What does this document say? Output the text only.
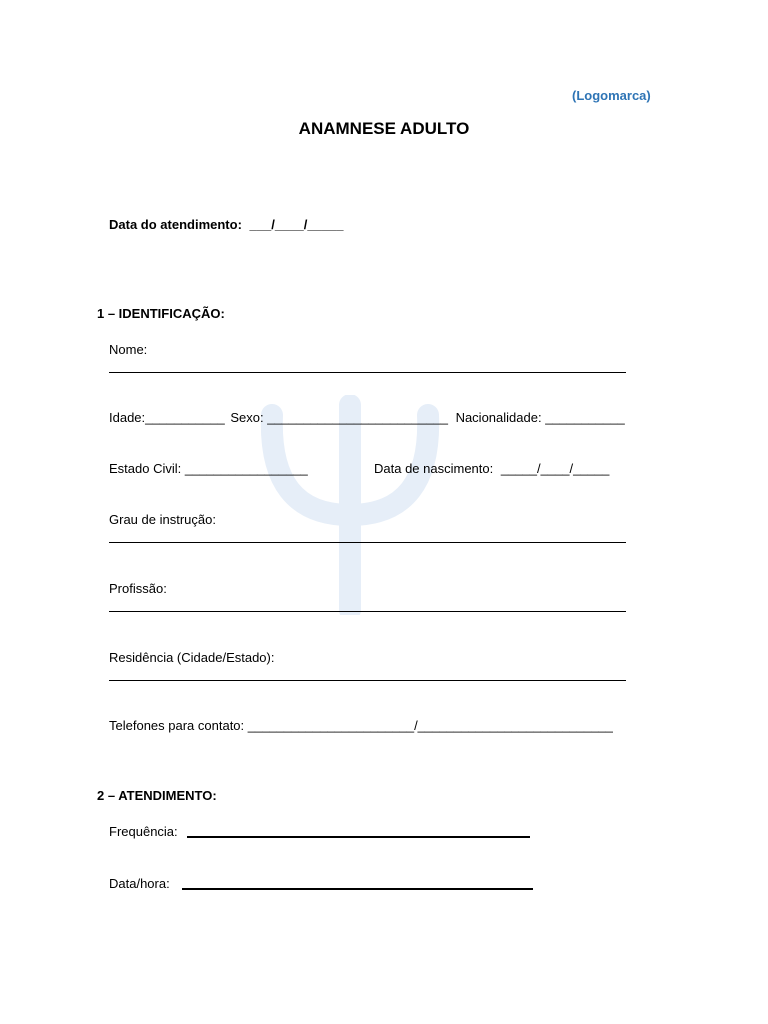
(Logomarca)
ANAMNESE ADULTO
Data do atendimento: ___/____/_____
1 – IDENTIFICAÇÃO:
Nome:
Idade:___________ Sexo: _________________________ Nacionalidade: ___________
Estado Civil: _________________	Data de nascimento: _____/____/_____
Grau de instrução:
Profissão:
Residência (Cidade/Estado):
Telefones para contato: _______________________/___________________________
2 – ATENDIMENTO:
Frequência:
Data/hora:
